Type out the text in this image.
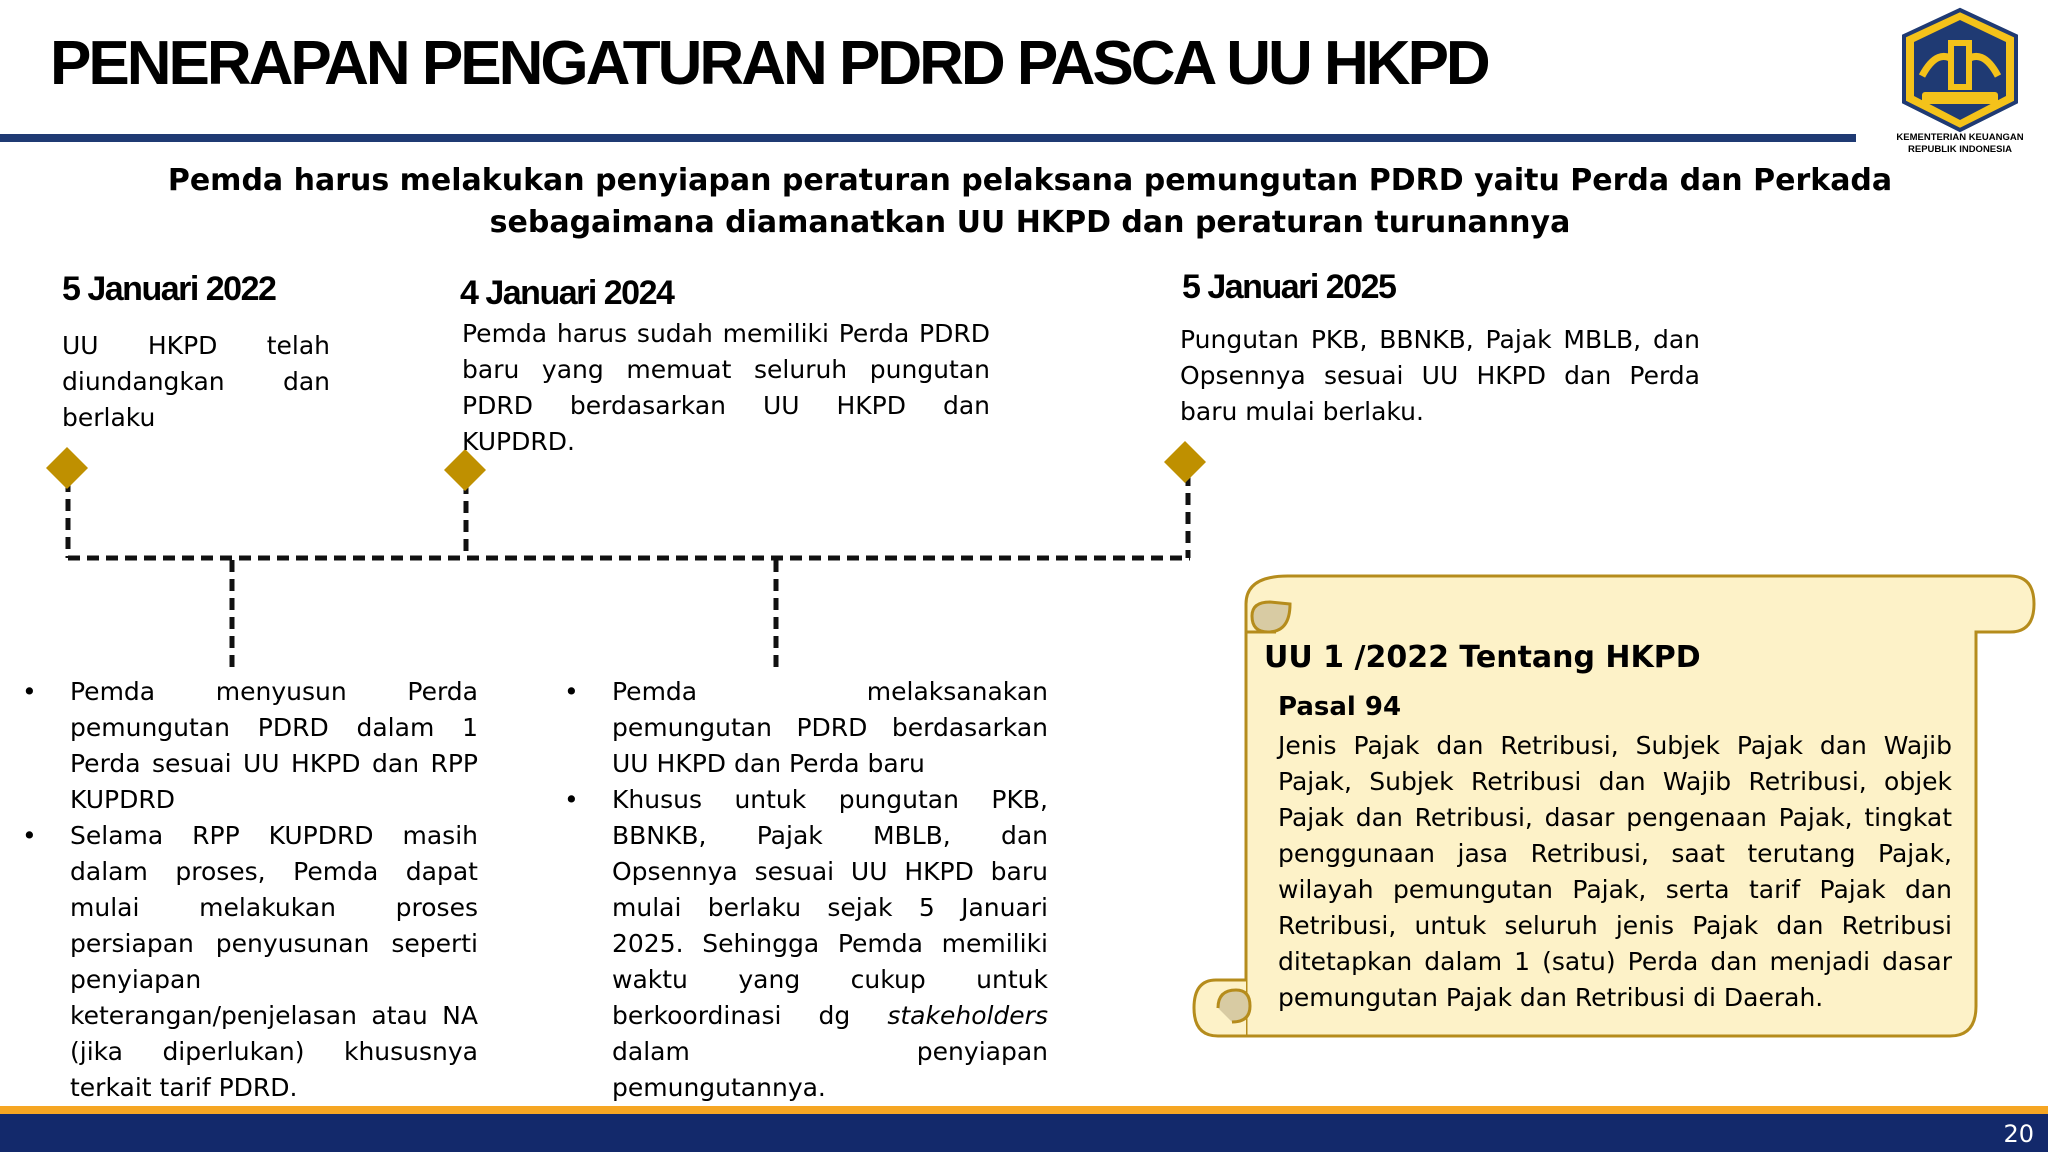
PENERAPAN PENGATURAN PDRD PASCA UU HKPD
KEMENTERIAN KEUANGAN
REPUBLIK INDONESIA
Pemda harus melakukan penyiapan peraturan pelaksana pemungutan PDRD yaitu Perda dan Perkada sebagaimana diamanatkan UU HKPD dan peraturan turunannya
5 Januari 2022
UU HKPD telah diundangkan dan berlaku
4 Januari 2024
Pemda harus sudah memiliki Perda PDRD baru yang memuat seluruh pungutan PDRD berdasarkan UU HKPD dan KUPDRD.
5 Januari 2025
Pungutan PKB, BBNKB, Pajak MBLB, dan Opsennya sesuai UU HKPD dan Perda baru mulai berlaku.
• Pemda menyusun Perda pemungutan PDRD dalam 1 Perda sesuai UU HKPD dan RPP KUPDRD
• Selama RPP KUPDRD masih dalam proses, Pemda dapat mulai melakukan proses persiapan penyusunan seperti penyiapan keterangan/penjelasan atau NA (jika diperlukan) khususnya terkait tarif PDRD.
• Pemda melaksanakan pemungutan PDRD berdasarkan UU HKPD dan Perda baru
• Khusus untuk pungutan PKB, BBNKB, Pajak MBLB, dan Opsennya sesuai UU HKPD baru mulai berlaku sejak 5 Januari 2025. Sehingga Pemda memiliki waktu yang cukup untuk berkoordinasi dg stakeholders dalam penyiapan pemungutannya.
UU 1 /2022 Tentang HKPD
Pasal 94
Jenis Pajak dan Retribusi, Subjek Pajak dan Wajib Pajak, Subjek Retribusi dan Wajib Retribusi, objek Pajak dan Retribusi, dasar pengenaan Pajak, tingkat penggunaan jasa Retribusi, saat terutang Pajak, wilayah pemungutan Pajak, serta tarif Pajak dan Retribusi, untuk seluruh jenis Pajak dan Retribusi ditetapkan dalam 1 (satu) Perda dan menjadi dasar pemungutan Pajak dan Retribusi di Daerah.
20
